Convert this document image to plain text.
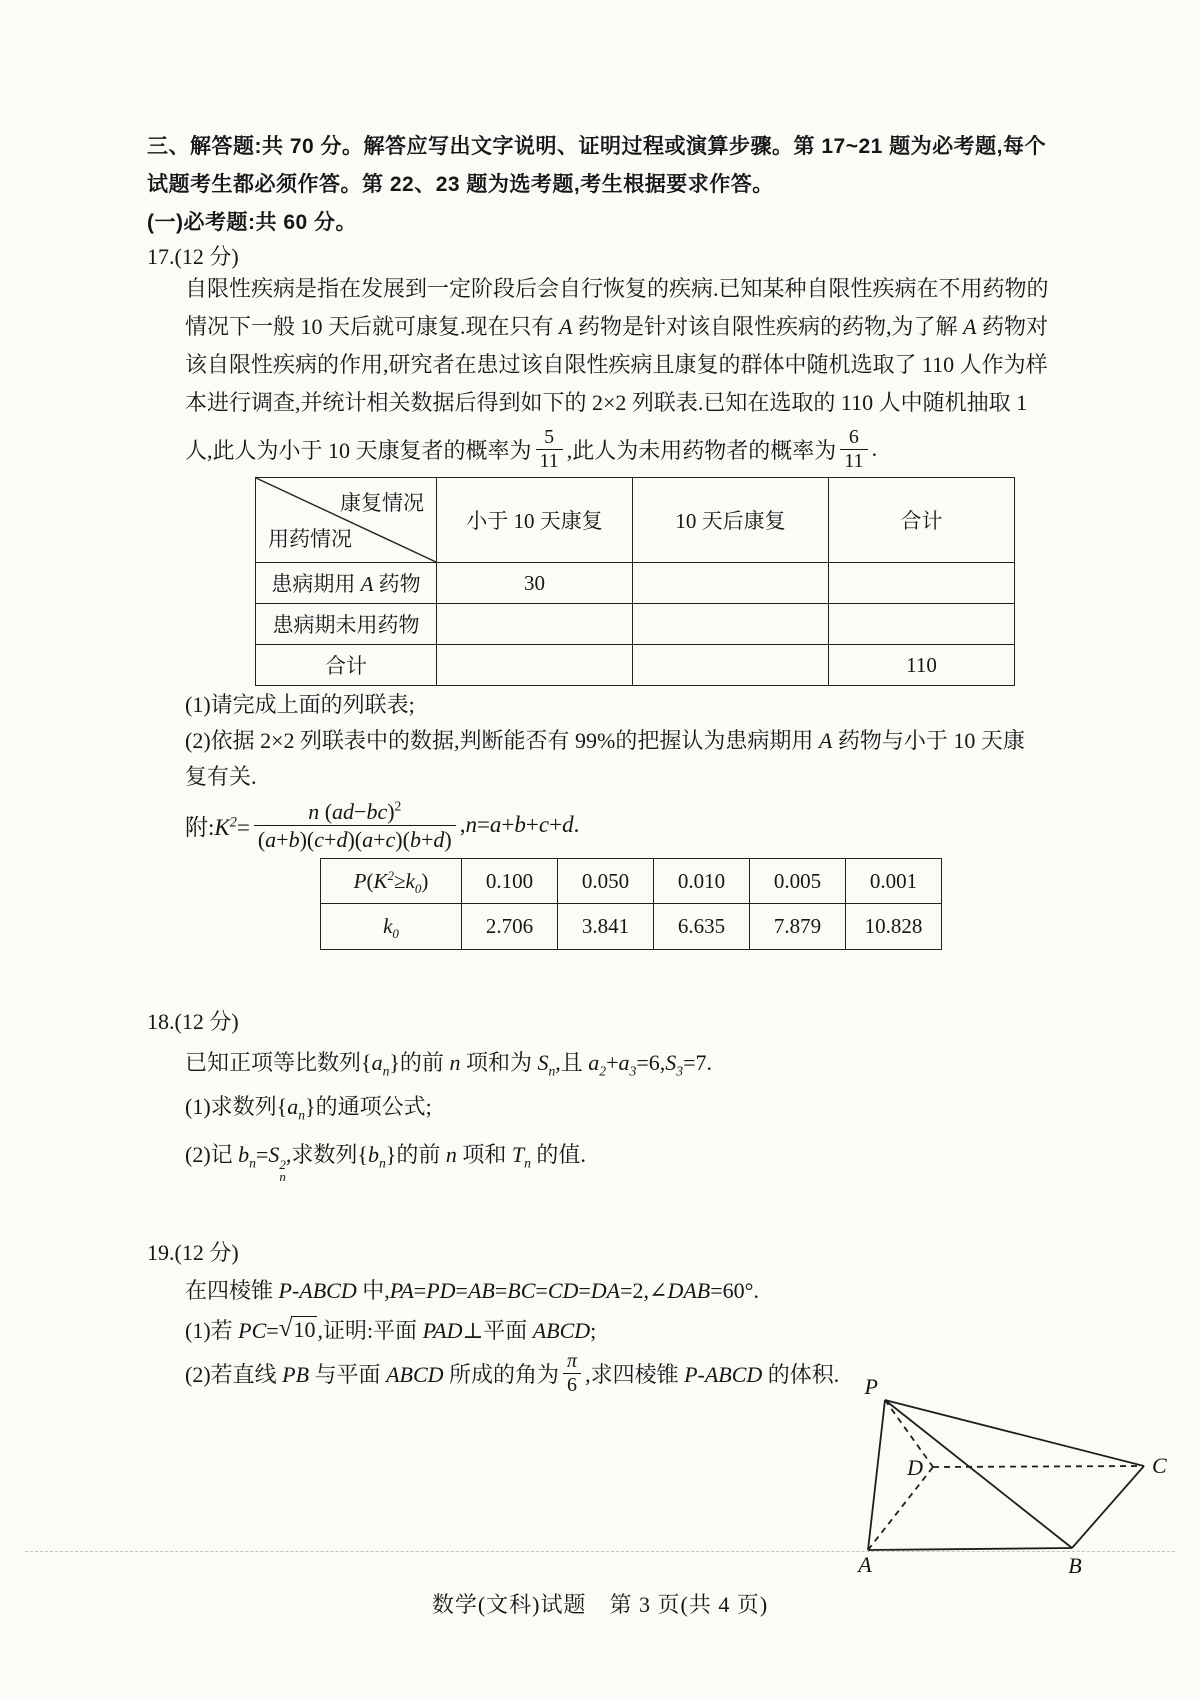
三、解答题:共 70 分。解答应写出文字说明、证明过程或演算步骤。第 17~21 题为必考题,每个
试题考生都必须作答。第 22、23 题为选考题,考生根据要求作答。
(一)必考题:共 60 分。
17.(12 分)
自限性疾病是指在发展到一定阶段后会自行恢复的疾病.已知某种自限性疾病在不用药物的
情况下一般 10 天后就可康复.现在只有 A 药物是针对该自限性疾病的药物,为了解 A 药物对
该自限性疾病的作用,研究者在患过该自限性疾病且康复的群体中随机选取了 110 人作为样
本进行调查,并统计相关数据后得到如下的 2×2 列联表.已知在选取的 110 人中随机抽取 1
人,此人为小于 10 天康复者的概率为 $\frac{5}{11}$ ,此人为未用药物者的概率为 $\frac{6}{11}$ .
康复情况
用药情况	小于 10 天康复	10 天后康复	合计
患病期用 A 药物	30		
患病期未用药物			
合计			110
(1)请完成上面的列联表;
(2)依据 2×2 列联表中的数据,判断能否有 99%的把握认为患病期用 A 药物与小于 10 天康
复有关.
附$:K^2= \frac{n (ad-bc)^2}{(a+b)(c+d)(a+c)(b+d)} ,n=a+b+c+d$.
$P(K^2\ge k_0)$	0.100	0.050	0.010	0.005	0.001
$k_0$	2.706	3.841	6.635	7.879	10.828
18.(12 分)
已知正项等比数列$\{a_n\}$的前 n 项和为 $S_n$,且 $a_2+a_3=6,S_3=7$.
(1)求数列$\{a_n\}$的通项公式;
(2)记 $b_n=S$ 2
n
,求数列$\{b_n\}$的前 n 项和 $T_n$ 的值.
19.(12 分)
在四棱锥 P-ABCD 中,PA=PD=AB=BC=CD=DA=2,∠DAB=60°.
(1)若 PC= √ 10 ,证明:平面 PAD⊥平面 ABCD;
(2)若直线 PB 与平面 ABCD 所成的角为 $\frac{\pi}{6}$ ,求四棱锥 P-ABCD 的体积. P
A	B
C
D
数学(文科)试题　第 3 页(共 4 页)
